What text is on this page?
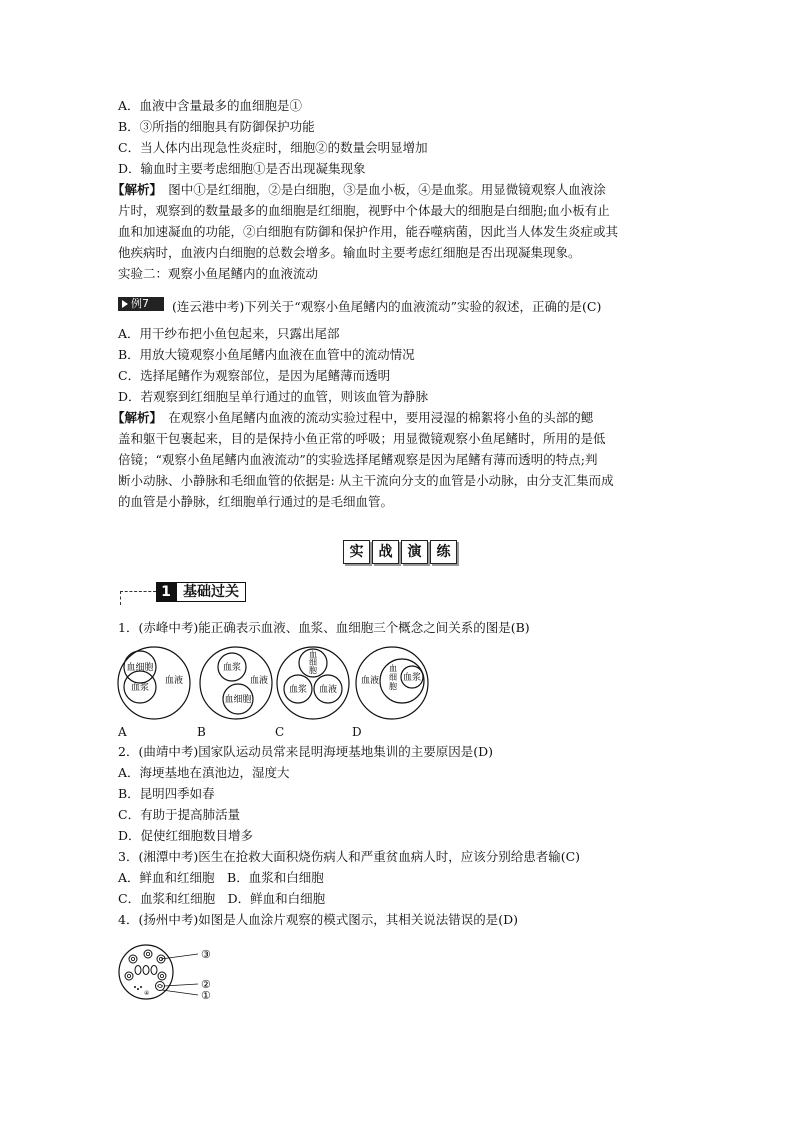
A．血液中含量最多的血细胞是①
B．③所指的细胞具有防御保护功能
C．当人体内出现急性炎症时，细胞②的数量会明显增加
D．输血时主要考虑细胞①是否出现凝集现象
【解析】　图中①是红细胞，②是白细胞，③是血小板，④是血浆。用显微镜观察人血液涂
片时，观察到的数量最多的血细胞是红细胞，视野中个体最大的细胞是白细胞;血小板有止
血和加速凝血的功能，②白细胞有防御和保护作用，能吞噬病菌，因此当人体发生炎症或其
他疾病时，血液内白细胞的总数会增多。输血时主要考虑红细胞是否出现凝集现象。
实验二：观察小鱼尾鳍内的血液流动
例7	(连云港中考)下列关于“观察小鱼尾鳍内的血液流动”实验的叙述，正确的是(C)
A．用干纱布把小鱼包起来，只露出尾部
B．用放大镜观察小鱼尾鳍内血液在血管中的流动情况
C．选择尾鳍作为观察部位，是因为尾鳍薄而透明
D．若观察到红细胞呈单行通过的血管，则该血管为静脉
【解析】　在观察小鱼尾鳍内血液的流动实验过程中，要用浸湿的棉絮将小鱼的头部的鳃
盖和躯干包裹起来，目的是保持小鱼正常的呼吸；用显微镜观察小鱼尾鳍时，所用的是低
倍镜；“观察小鱼尾鳍内血液流动”的实验选择尾鳍观察是因为尾鳍有薄而透明的特点;判
断小动脉、小静脉和毛细血管的依据是: 从主干流向分支的血管是小动脉，由分支汇集而成
的血管是小静脉，红细胞单行通过的是毛细血管。
实	战	演	练
1 基础过关
1．(赤峰中考)能正确表示血液、血浆、血细胞三个概念之间关系的图是(B)
血细胞
血浆
血液
血浆
血液
血细胞
血
细
胞
血浆 血液
血液
血
细
胞
血浆
A	B	C	D
2．(曲靖中考)国家队运动员常来昆明海埂基地集训的主要原因是(D)
A．海埂基地在滇池边，湿度大
B．昆明四季如春
C．有助于提高肺活量
D．促使红细胞数目增多
3．(湘潭中考)医生在抢救大面积烧伤病人和严重贫血病人时，应该分别给患者输(C)
A．鲜血和红细胞　B．血浆和白细胞
C．血浆和红细胞　D．鲜血和白细胞
4．(扬州中考)如图是人血涂片观察的模式图示，其相关说法错误的是(D)
③
②
①
④
